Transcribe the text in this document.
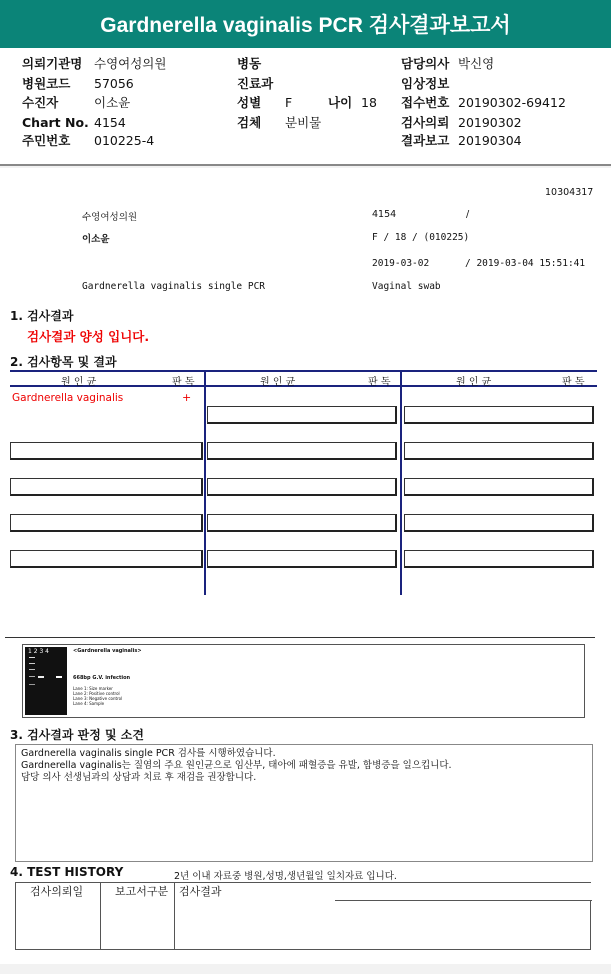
Gardnerella vaginalis PCR 검사결과보고서
의뢰기관명 수영여성의원
병원코드 57056
수진자	이소윤
Chart No. 4154
주민번호 010225-4
병동
진료과
성별 F	나이 18
검체 분비물
담당의사 박신영
임상정보
접수번호 20190302-69412
검사의뢰 20190302
결과보고 20190304
10304317
수영여성의원	4154	/
이소윤	F / 18 / (010225)
2019-03-02	/ 2019-03-04 15:51:41
Gardnerella vaginalis single PCR	Vaginal swab
1. 검사결과
검사결과 양성 입니다.
2. 검사항목 및 결과
원 인 균	판 독	원 인 균	판 독	원 인 균	판 독
Gardnerella vaginalis	+
1 2 3 4	<Gardnerella vaginalis>
668bp G.V. infection
Lane 1: Size marker
Lane 2: Positive control
Lane 3: Negative control
Lane 4: Sample
3. 검사결과 판정 및 소견
Gardnerella vaginalis single PCR 검사를 시행하였습니다.
Gardnerella vaginalis는 질염의 주요 원인균으로 임산부, 태아에 패혈증을 유발, 합병증을 일으킵니다.
담당 의사 선생님과의 상담과 치료 후 재검을 권장합니다.
4. TEST HISTORY	2년 이내 자료중 병원,성명,생년월일 일치자료 입니다.
검사의뢰일	보고서구분 검사결과
